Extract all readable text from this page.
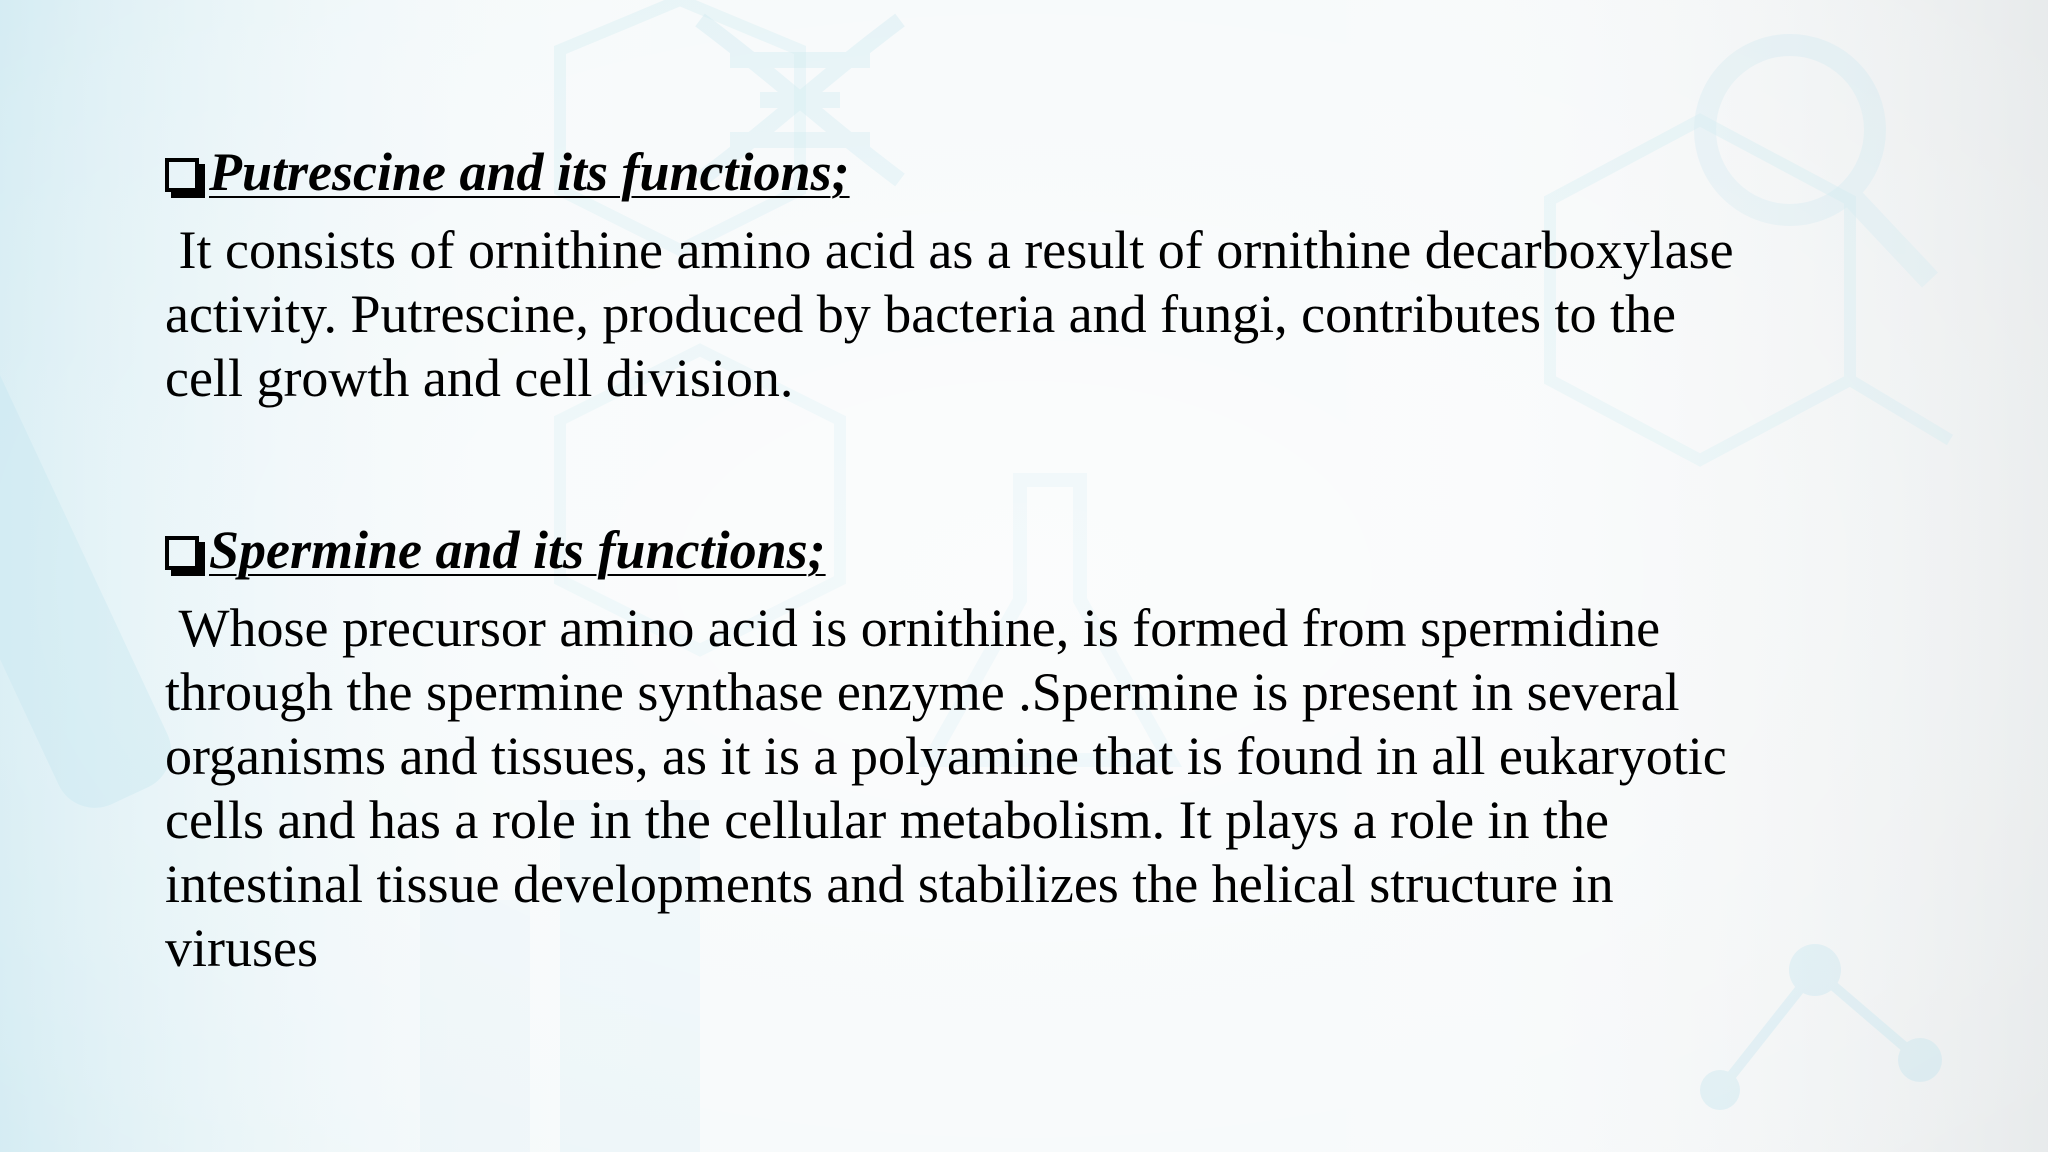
Putrescine and its functions;

It consists of ornithine amino acid as a result of ornithine decarboxylase
activity. Putrescine, produced by bacteria and fungi, contributes to the
cell growth and cell division.

Spermine and its functions;

Whose precursor amino acid is ornithine, is formed from spermidine
through the spermine synthase enzyme .Spermine is present in several
organisms and tissues, as it is a polyamine that is found in all eukaryotic
cells and has a role in the cellular metabolism. It plays a role in the
intestinal tissue developments and stabilizes the helical structure in
viruses
